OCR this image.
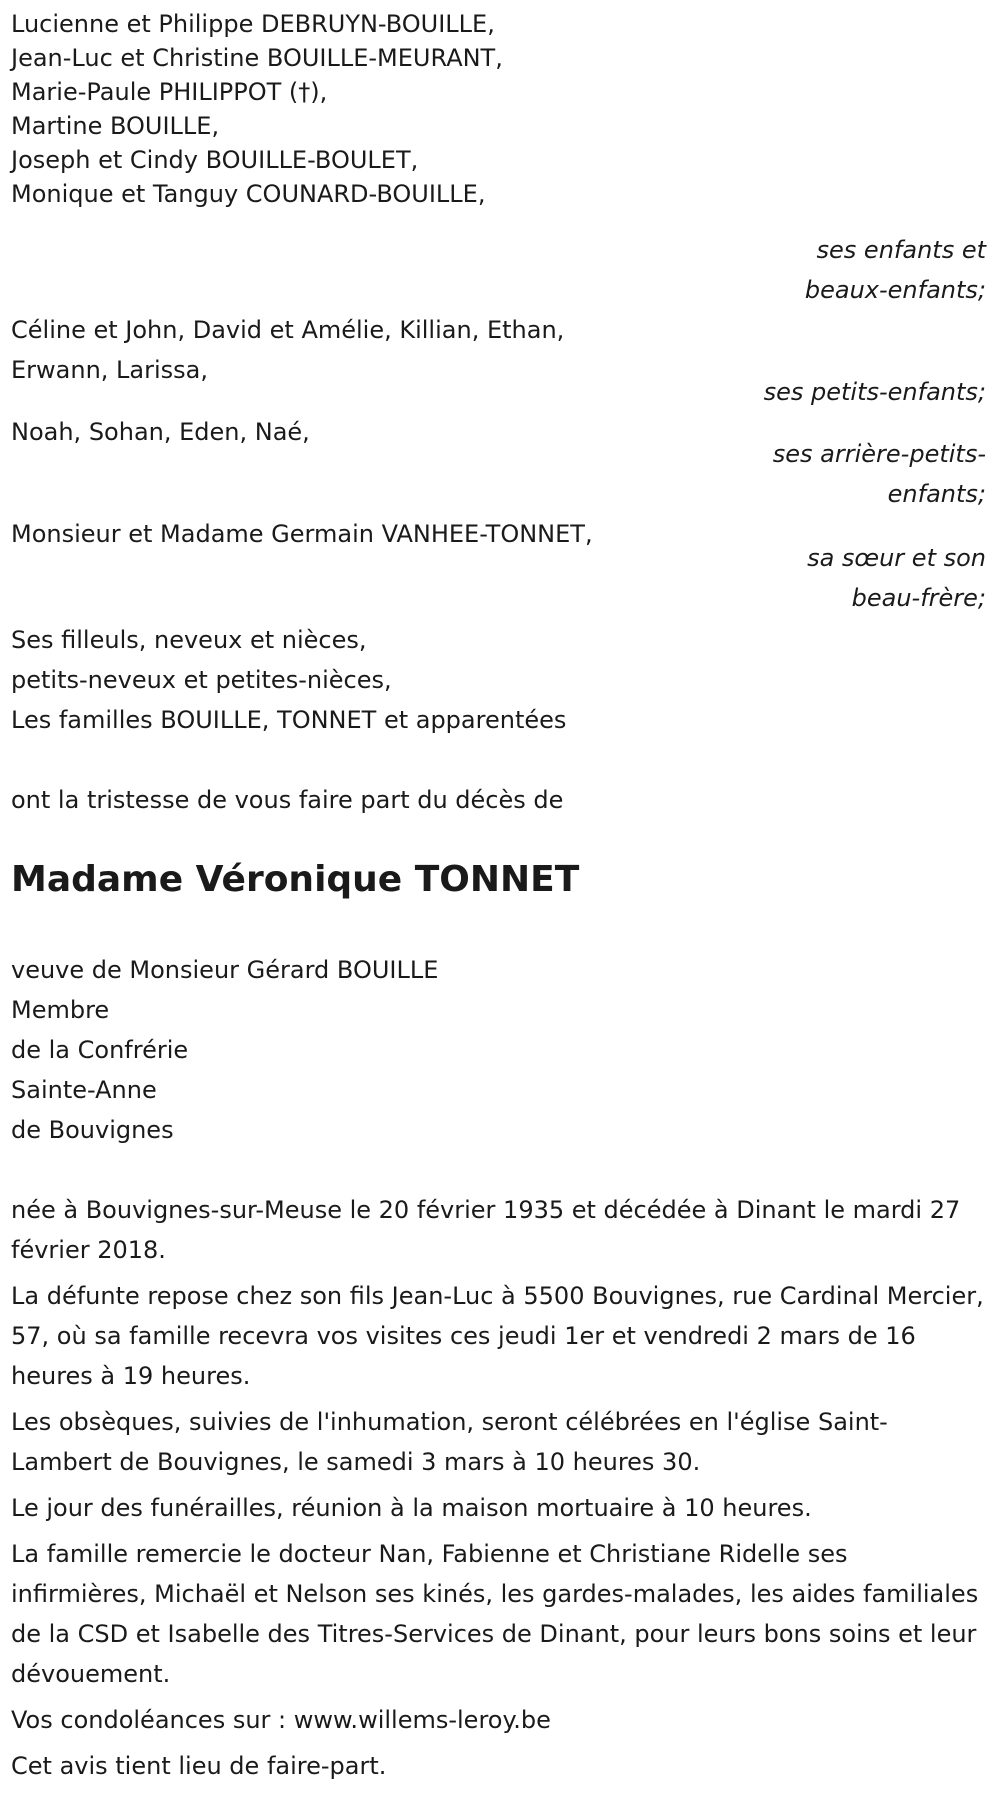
Lucienne et Philippe DEBRUYN-BOUILLE,
Jean-Luc et Christine BOUILLE-MEURANT,
Marie-Paule PHILIPPOT (†),
Martine BOUILLE,
Joseph et Cindy BOUILLE-BOULET,
Monique et Tanguy COUNARD-BOUILLE,
ses enfants et
beaux-enfants;
Céline et John, David et Amélie, Killian, Ethan,
Erwann, Larissa,
ses petits-enfants;
Noah, Sohan, Eden, Naé,
ses arrière-petits-
enfants;
Monsieur et Madame Germain VANHEE-TONNET,
sa sœur et son
beau-frère;
Ses filleuls, neveux et nièces,
petits-neveux et petites-nièces,
Les familles BOUILLE, TONNET et apparentées
ont la tristesse de vous faire part du décès de
Madame Véronique TONNET
veuve de Monsieur Gérard BOUILLE
Membre
de la Confrérie
Sainte-Anne
de Bouvignes
née à Bouvignes-sur-Meuse le 20 février 1935 et décédée à Dinant le mardi 27 février 2018.
La défunte repose chez son fils Jean-Luc à 5500 Bouvignes, rue Cardinal Mercier, 57, où sa famille recevra vos visites ces jeudi 1er et vendredi 2 mars de 16 heures à 19 heures.
Les obsèques, suivies de l'inhumation, seront célébrées en l'église Saint-Lambert de Bouvignes, le samedi 3 mars à 10 heures 30.
Le jour des funérailles, réunion à la maison mortuaire à 10 heures.
La famille remercie le docteur Nan, Fabienne et Christiane Ridelle ses infirmières, Michaël et Nelson ses kinés, les gardes-malades, les aides familiales de la CSD et Isabelle des Titres-Services de Dinant, pour leurs bons soins et leur dévouement.
Vos condoléances sur : www.willems-leroy.be
Cet avis tient lieu de faire-part.
